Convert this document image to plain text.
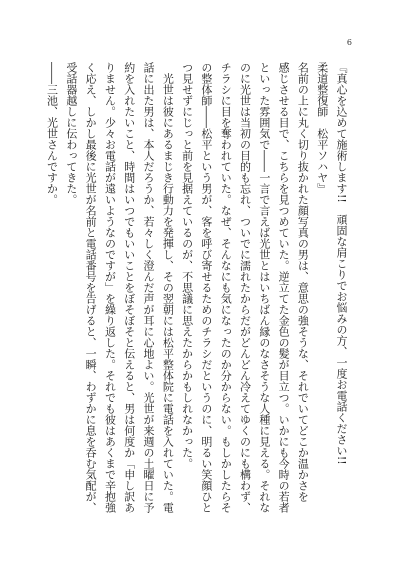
6
『真心を込めて施術します!!　頑固な肩こりでお悩みの方、一度お電話ください!!
柔道整復師　松平ソハヤ』
名前の上に丸く切り抜かれた顔写真の男は、意思の強そうな、それでいてどこか温かさを
感じさせる目で、こちらを見つめていた。逆立てた金色の髪が目立つ。いかにも今時の若者
といった雰囲気で――一言で言えば光世とはいちばん縁のなさそうな人種に見える。それな
のに光世は当初の目的も忘れ、ついでに濡れたからだがどんどん冷えてゆくのにも構わず、
チラシに目を奪われていた。なぜ、そんなにも気になったのか分からない。もしかしたらそ
の整体師――松平という男が、客を呼び寄せるためのチラシだというのに、明るい笑顔ひと
つ見せずにじっと前を見据えているのが、不思議に思えたからかもしれなかった。
　光世は彼にあるまじき行動力を発揮し、その翌朝には松平整体院に電話を入れていた。電
話に出た男は、本人だろうか、若々しく澄んだ声が耳に心地よい。光世が来週の土曜日に予
約を入れたいこと、時間はいつでもいいことをぼそぼそと伝えると、男は何度か「申し訳あ
りません。少々お電話が遠いようなのですが」を繰り返した。それでも彼はあくまで辛抱強
く応え、しかし最後に光世が名前と電話番号を告げると、一瞬、わずかに息を呑む気配が、
受話器越しに伝わってきた。
――三池、光世さんですか。
